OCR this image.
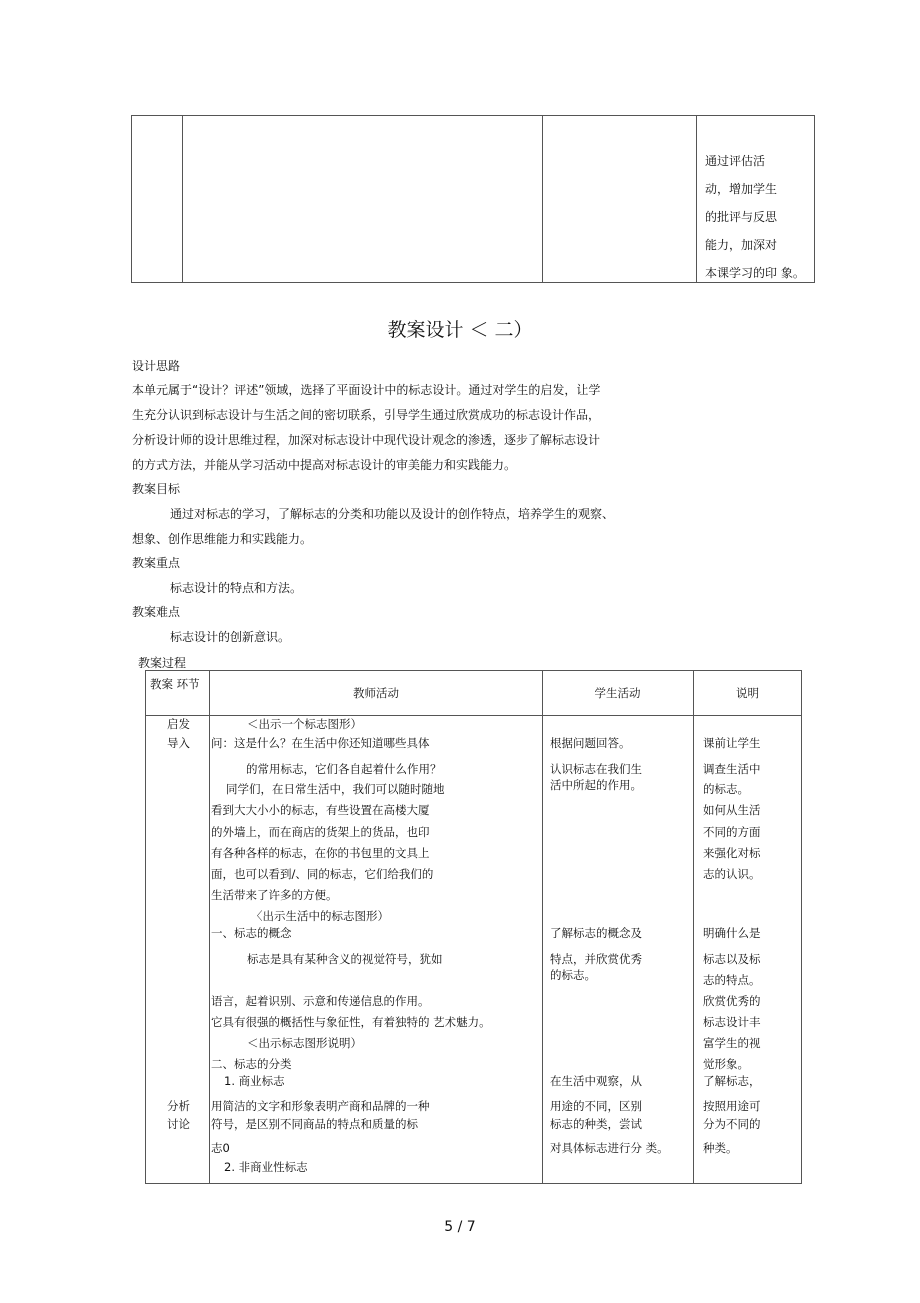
通过评估活
动，增加学生
的批评与反思
能力，加深对
本课学习的印 象。
教案设计 ＜ 二）
设计思路
本单元属于“设计？评述”领域，选择了平面设计中的标志设计。通过对学生的启发，让学
生充分认识到标志设计与生活之间的密切联系，引导学生通过欣赏成功的标志设计作品，
分析设计师的设计思维过程，加深对标志设计中现代设计观念的渗透，逐步了解标志设计
的方式方法，并能从学习活动中提高对标志设计的审美能力和实践能力。
教案目标
通过对标志的学习，了解标志的分类和功能以及设计的创作特点，培养学生的观察、
想象、创作思维能力和实践能力。
教案重点
标志设计的特点和方法。
教案难点
标志设计的创新意识。
教案过程
教案 环节
教师活动	学生活动	说明
启发
导入
分析
讨论
＜出示一个标志图形）
问：这是什么？在生活中你还知道哪些具体
的常用标志，它们各自起着什么作用？
同学们，在日常生活中，我们可以随时随地
看到大大小小的标志，有些设置在高楼大厦
的外墙上，而在商店的货架上的货品，也印
有各种各样的标志，在你的书包里的文具上
面，也可以看到/、同的标志，它们给我们的
生活带来了许多的方便。
〈出示生活中的标志图形）
一、标志的概念
标志是具有某种含义的视觉符号，犹如
语言，起着识别、示意和传递信息的作用。
它具有很强的概括性与象征性，有着独特的 艺术魅力。
＜出示标志图形说明）
二、标志的分类
1. 商业标志
用简洁的文字和形象表明产商和品牌的一种
符号，是区别不同商品的特点和质量的标
志0
2. 非商业性标志
根据问题回答。
认识标志在我们生
活中所起的作用。
了解标志的概念及
特点，并欣赏优秀
的标志。
在生活中观察，从
用途的不同，区别
标志的种类，尝试
对具体标志进行分 类。
课前让学生
调查生活中
的标志。
如何从生活
不同的方面
来强化对标
志的认识。
明确什么是
标志以及标
志的特点。
欣赏优秀的
标志设计丰
富学生的视
觉形象。
了解标志，
按照用途可
分为不同的
种类。
5 / 7
